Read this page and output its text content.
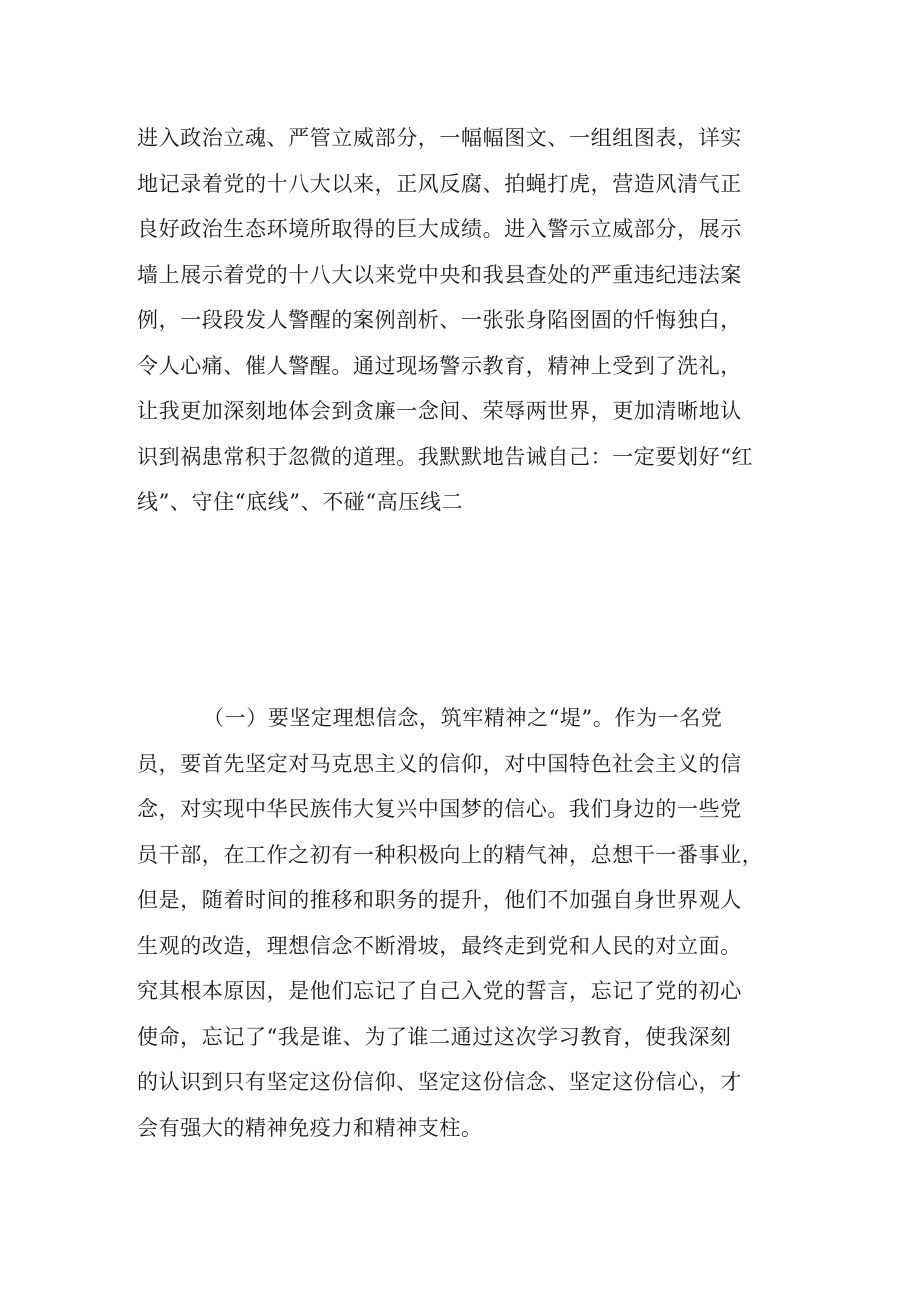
进入政治立魂、严管立威部分，一幅幅图文、一组组图表，详实
地记录着党的十八大以来，正风反腐、拍蝇打虎，营造风清气正
良好政治生态环境所取得的巨大成绩。进入警示立威部分，展示
墙上展示着党的十八大以来党中央和我县查处的严重违纪违法案
例，一段段发人警醒的案例剖析、一张张身陷囹圄的忏悔独白，
令人心痛、催人警醒。通过现场警示教育，精神上受到了洗礼，
让我更加深刻地体会到贪廉一念间、荣辱两世界，更加清晰地认
识到祸患常积于忽微的道理。我默默地告诫自己：一定要划好“红
线”、守住“底线”、不碰“高压线二

（一）要坚定理想信念，筑牢精神之“堤”。作为一名党
员，要首先坚定对马克思主义的信仰，对中国特色社会主义的信
念，对实现中华民族伟大复兴中国梦的信心。我们身边的一些党
员干部，在工作之初有一种积极向上的精气神，总想干一番事业，
但是，随着时间的推移和职务的提升，他们不加强自身世界观人
生观的改造，理想信念不断滑坡，最终走到党和人民的对立面。
究其根本原因，是他们忘记了自己入党的誓言，忘记了党的初心
使命，忘记了“我是谁、为了谁二通过这次学习教育，使我深刻
的认识到只有坚定这份信仰、坚定这份信念、坚定这份信心，才
会有强大的精神免疫力和精神支柱。
